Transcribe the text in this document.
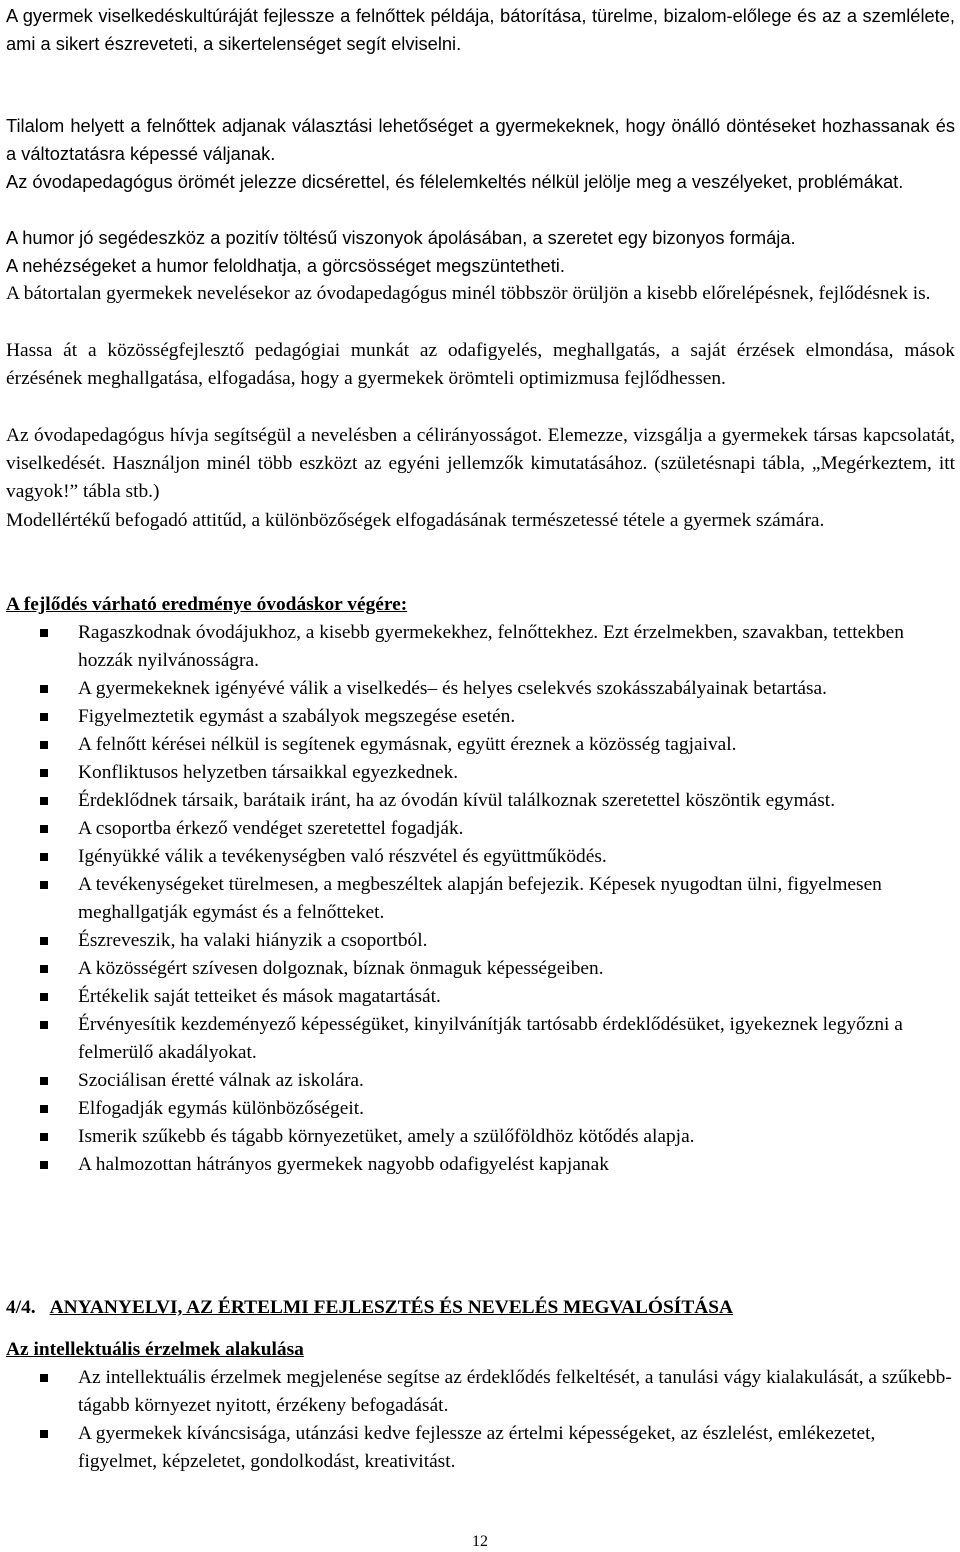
A gyermek viselkedéskultúráját fejlessze a felnőttek példája, bátorítása, türelme, bizalom-előlege és az a szemlélete, ami a sikert észreveteti, a sikertelenséget segít elviselni.

Tilalom helyett a felnőttek adjanak választási lehetőséget a gyermekeknek, hogy önálló döntéseket hozhassanak és a változtatásra képessé váljanak.

Az óvodapedagógus örömét jelezze dicsérettel, és félelemkeltés nélkül jelölje meg a veszélyeket, problémákat.

A humor jó segédeszköz a pozitív töltésű viszonyok ápolásában, a szeretet egy bizonyos formája.

A nehézségeket a humor feloldhatja, a görcsösséget megszüntetheti.

A bátortalan gyermekek nevelésekor az óvodapedagógus minél többször örüljön a kisebb előrelépésnek, fejlődésnek is.

Hassa át a közösségfejlesztő pedagógiai munkát az odafigyelés, meghallgatás, a saját érzések elmondása, mások érzésének meghallgatása, elfogadása, hogy a gyermekek örömteli optimizmusa fejlődhessen.

Az óvodapedagógus hívja segítségül a nevelésben a célirányosságot. Elemezze, vizsgálja a gyermekek társas kapcsolatát, viselkedését. Használjon minél több eszközt az egyéni jellemzők kimutatásához. (születésnapi tábla, „Megérkeztem, itt vagyok!” tábla stb.)

Modellértékű befogadó attitűd, a különbözőségek elfogadásának természetessé tétele a gyermek számára.

A fejlődés várható eredménye óvodáskor végére:
Ragaszkodnak óvodájukhoz, a kisebb gyermekekhez, felnőttekhez. Ezt érzelmekben, szavakban, tettekben hozzák nyilvánosságra.
A gyermekeknek igényévé válik a viselkedés– és helyes cselekvés szokásszabályainak betartása.
Figyelmeztetik egymást a szabályok megszegése esetén.
A felnőtt kérései nélkül is segítenek egymásnak, együtt éreznek a közösség tagjaival.
Konfliktusos helyzetben társaikkal egyezkednek.
Érdeklődnek társaik, barátaik iránt, ha az óvodán kívül találkoznak szeretettel köszöntik egymást.
A csoportba érkező vendéget szeretettel fogadják.
Igényükké válik a tevékenységben való részvétel és együttműködés.
A tevékenységeket türelmesen, a megbeszéltek alapján befejezik. Képesek nyugodtan ülni, figyelmesen meghallgatják egymást és a felnőtteket.
Észreveszik, ha valaki hiányzik a csoportból.
A közösségért szívesen dolgoznak, bíznak önmaguk képességeiben.
Értékelik saját tetteiket és mások magatartását.
Érvényesítik kezdeményező képességüket, kinyilvánítják tartósabb érdeklődésüket, igyekeznek legyőzni a felmerülő akadályokat.
Szociálisan éretté válnak az iskolára.
Elfogadják egymás különbözőségeit.
Ismerik szűkebb és tágabb környezetüket, amely a szülőföldhöz kötődés alapja.
A halmozottan hátrányos gyermekek nagyobb odafigyelést kapjanak
4/4. ANYANYELVI, AZ ÉRTELMI FEJLESZTÉS ÉS NEVELÉS MEGVALÓSÍTÁSA
Az intellektuális érzelmek alakulása
Az intellektuális érzelmek megjelenése segítse az érdeklődés felkeltését, a tanulási vágy kialakulását, a szűkebb-tágabb környezet nyitott, érzékeny befogadását.
A gyermekek kíváncsisága, utánzási kedve fejlessze az értelmi képességeket, az észlelést, emlékezetet, figyelmet, képzeletet, gondolkodást, kreativitást.
12
